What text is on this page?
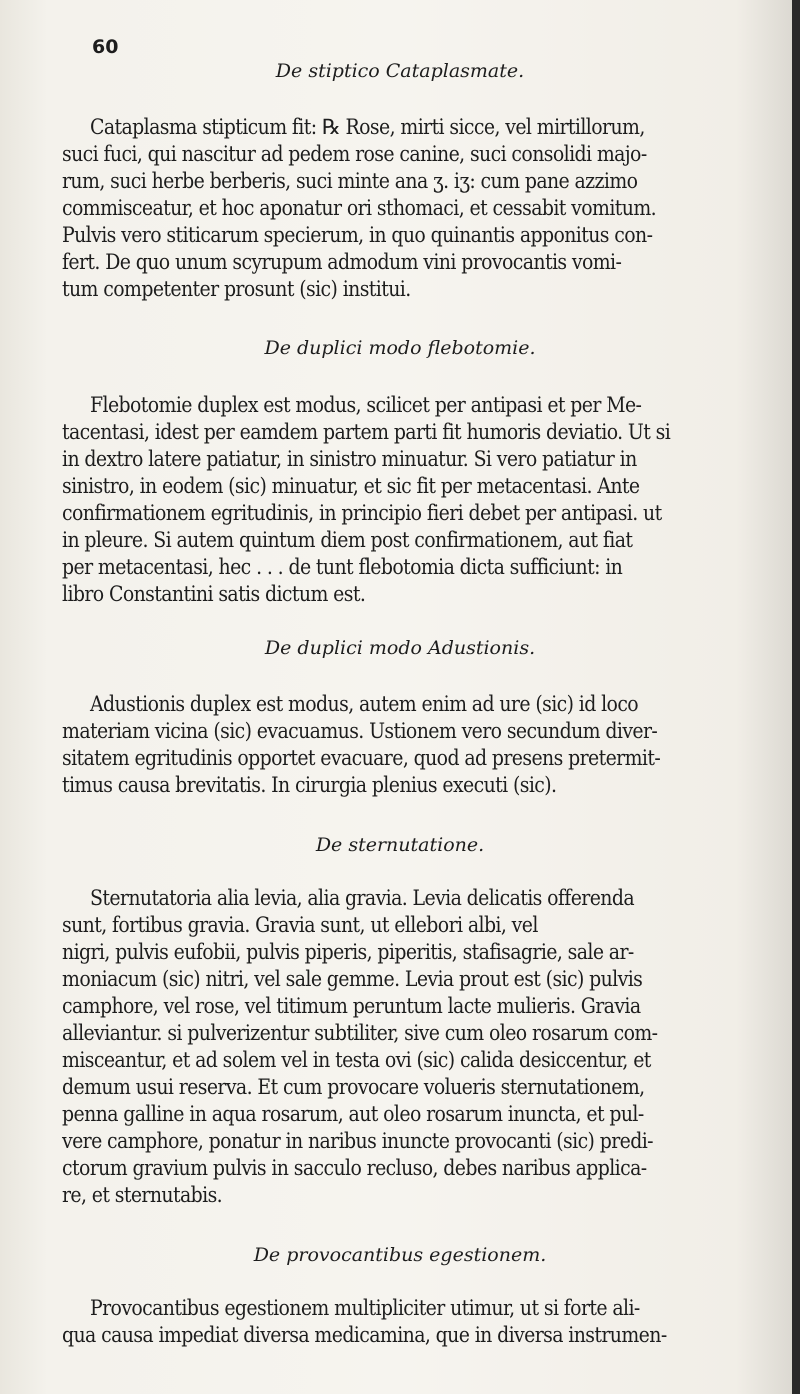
60
De stiptico Cataplasmate.
Cataplasma stipticum fit: ℞ Rose, mirti sicce, vel mirtillorum,
suci fuci, qui nascitur ad pedem rose canine, suci consolidi majo-
rum, suci herbe berberis, suci minte ana ʒ. iʒ: cum pane azzimo
commisceatur, et hoc aponatur ori sthomaci, et cessabit vomitum.
Pulvis vero stiticarum specierum, in quo quinantis apponitus con-
fert. De quo unum scyrupum admodum vini provocantis vomi-
tum competenter prosunt (sic) institui.
De duplici modo flebotomie.
Flebotomie duplex est modus, scilicet per antipasi et per Me-
tacentasi, idest per eamdem partem parti fit humoris deviatio. Ut si
in dextro latere patiatur, in sinistro minuatur. Si vero patiatur in
sinistro, in eodem (sic) minuatur, et sic fit per metacentasi. Ante
confirmationem egritudinis, in principio fieri debet per antipasi. ut
in pleure. Si autem quintum diem post confirmationem, aut fiat
per metacentasi, hec . . . de tunt flebotomia dicta sufficiunt: in
libro Constantini satis dictum est.
De duplici modo Adustionis.
Adustionis duplex est modus, autem enim ad ure (sic) id loco
materiam vicina (sic) evacuamus. Ustionem vero secundum diver-
sitatem egritudinis opportet evacuare, quod ad presens pretermit-
timus causa brevitatis. In cirurgia plenius executi (sic).
De sternutatione.
Sternutatoria alia levia, alia gravia. Levia delicatis offerenda
sunt, fortibus gravia. Gravia sunt, ut ellebori albi, vel
nigri, pulvis eufobii, pulvis piperis, piperitis, stafisagrie, sale ar-
moniacum (sic) nitri, vel sale gemme. Levia prout est (sic) pulvis
camphore, vel rose, vel titimum peruntum lacte mulieris. Gravia
alleviantur. si pulverizentur subtiliter, sive cum oleo rosarum com-
misceantur, et ad solem vel in testa ovi (sic) calida desiccentur, et
demum usui reserva. Et cum provocare volueris sternutationem,
penna galline in aqua rosarum, aut oleo rosarum inuncta, et pul-
vere camphore, ponatur in naribus inuncte provocanti (sic) predi-
ctorum gravium pulvis in sacculo recluso, debes naribus applica-
re, et sternutabis.
De provocantibus egestionem.
Provocantibus egestionem multipliciter utimur, ut si forte ali-
qua causa impediat diversa medicamina, que in diversa instrumen-
